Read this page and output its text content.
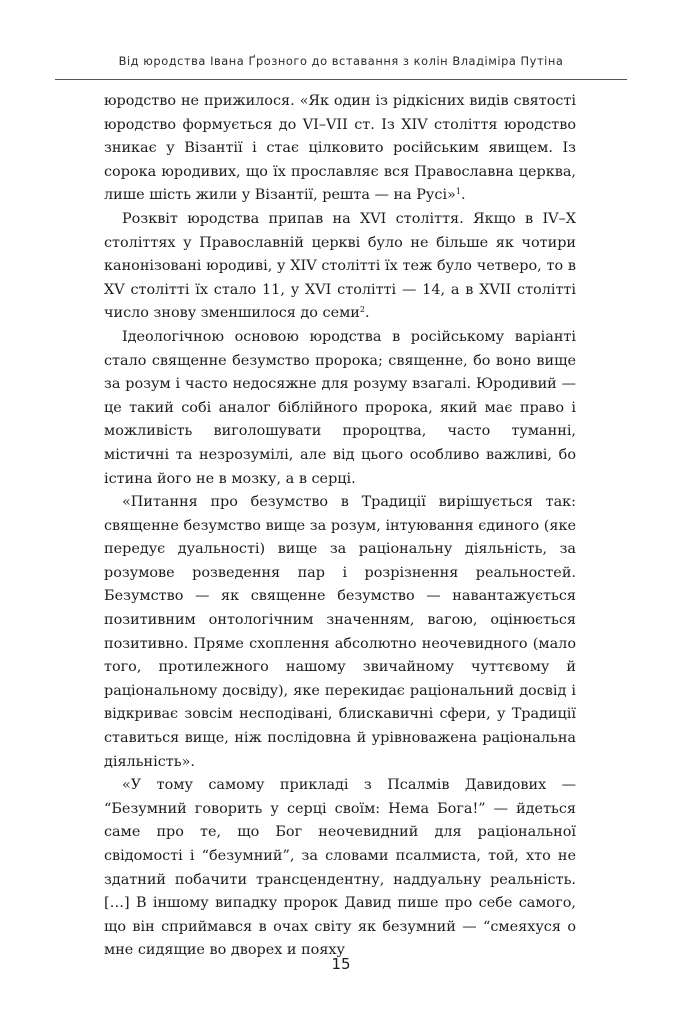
Від юродства Івана Ґрозного до вставання з колін Владіміра Путіна

юродство не прижилося. «Як один із рідкісних видів святості юродство формується до VI–VII ст. Із XIV століття юродство зникає у Візантії і стає цілковито російським явищем. Із сорока юродивих, що їх прославляє вся Православна церква, лише шість жили у Візантії, решта — на Русі»$^1$.

Розквіт юродства припав на XVI століття. Якщо в IV–X століттях у Православній церкві було не більше як чотири канонізовані юродиві, у XIV столітті їх теж було четверо, то в XV столітті їх стало 11, у XVI столітті — 14, а в XVII столітті число знову зменшилося до семи$^2$.

Ідеологічною основою юродства в російському варіанті стало священне безумство пророка; священне, бо воно вище за розум і часто недосяжне для розуму взагалі. Юродивий — це такий собі аналог біблійного пророка, який має право і можливість виголошувати пророцтва, часто туманні, містичні та незрозумілі, але від цього особливо важливі, бо істина його не в мозку, а в серці.

«Питання про безумство в Традиції вирішується так: священне безумство вище за розум, інтуювання єдиного (яке передує дуальності) вище за раціональну діяльність, за розумове розведення пар і розрізнення реальностей. Безумство — як священне безумство — навантажується позитивним онтологічним значенням, вагою, оцінюється позитивно. Пряме схоплення абсолютно неочевидного (мало того, протилежного нашому звичайному чуттєвому й раціональному досвіду), яке перекидає раціональний досвід і відкриває зовсім несподівані, блискавичні сфери, у Традиції ставиться вище, ніж послідовна й урівноважена раціональна діяльність».

«У тому самому прикладі з Псалмів Давидових — “Безумний говорить у серці своїм: Нема Бога!” — йдеться саме про те, що Бог неочевидний для раціональної свідомості і “безумний”, за словами псалмиста, той, хто не здатний побачити трансцендентну, наддуальну реальність. […] В іншому випадку пророк Давид пише про себе самого, що він сприймався в очах світу як безумний — “смеяхуся о мне сидящие во дворех и пояху

15
